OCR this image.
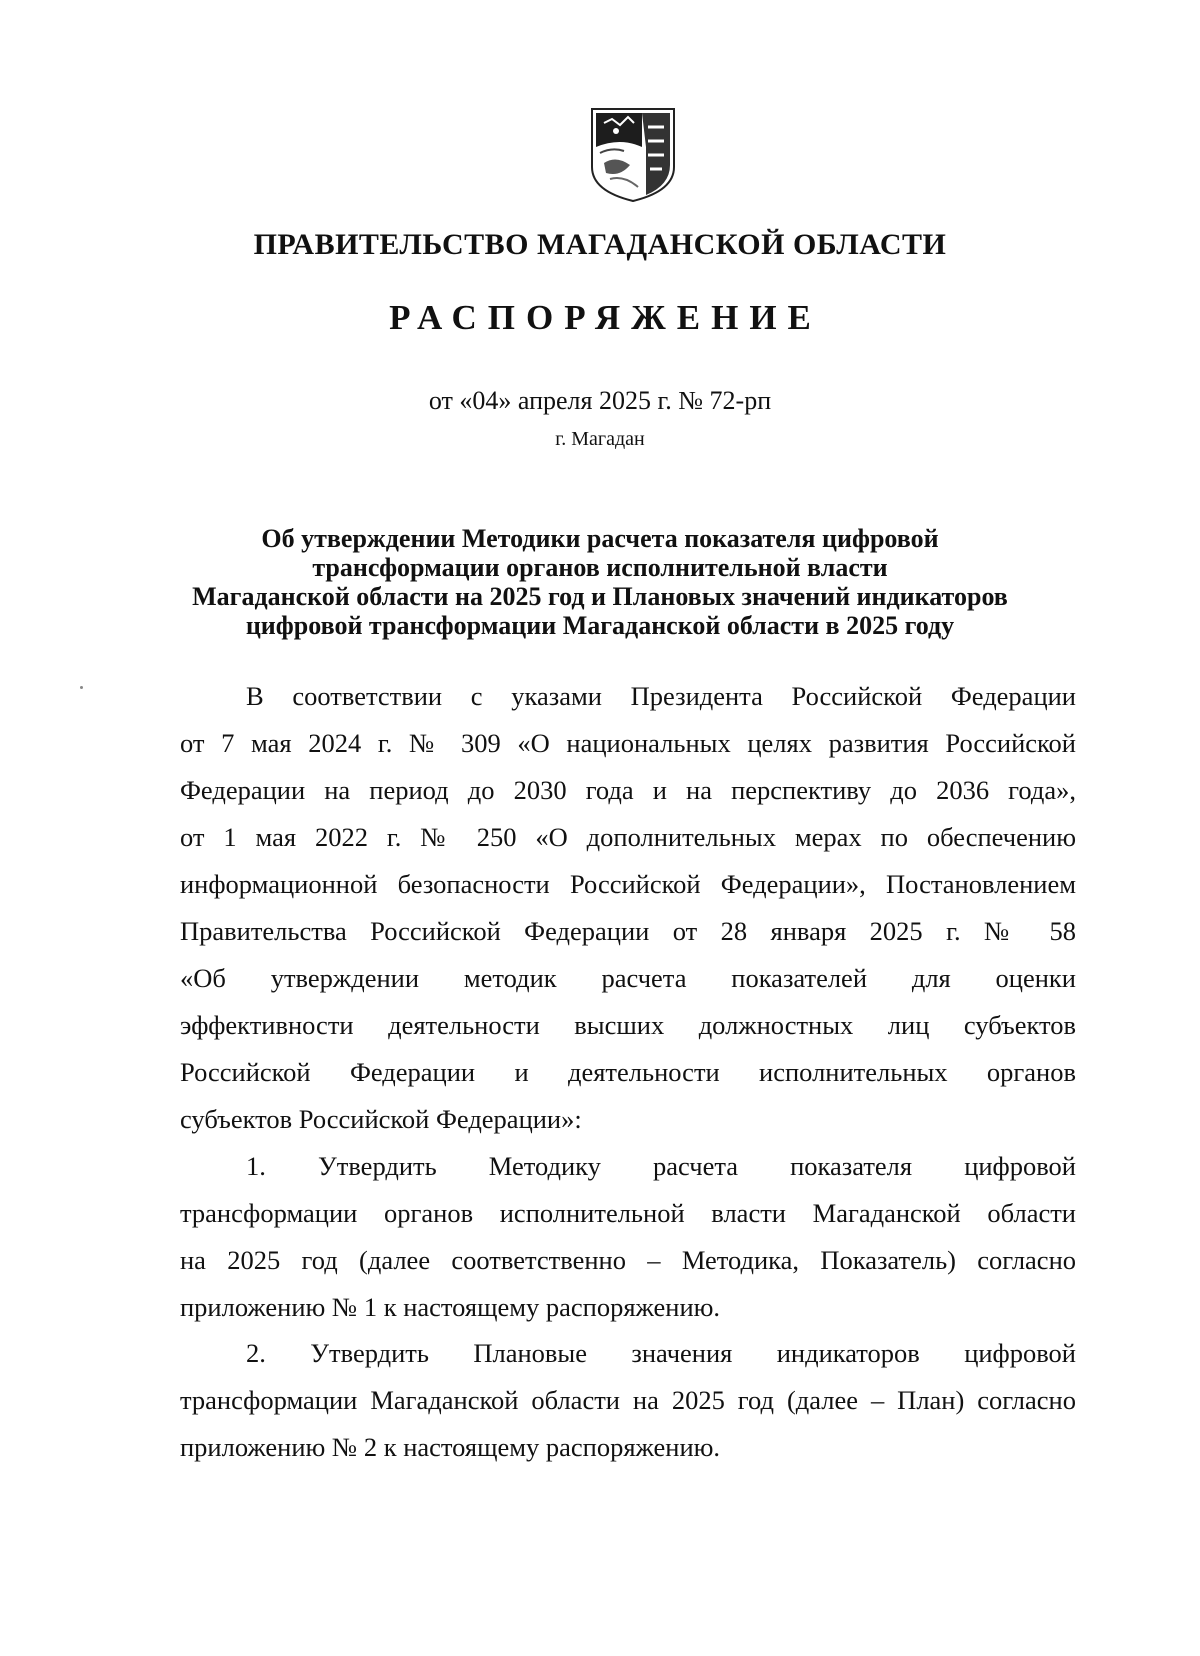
ПРАВИТЕЛЬСТВО МАГАДАНСКОЙ ОБЛАСТИ
РАСПОРЯЖЕНИЕ
от «04» апреля 2025 г. № 72-рп
г. Магадан
Об утверждении Методики расчета показателя цифровой
трансформации органов исполнительной власти
Магаданской области на 2025 год и Плановых значений индикаторов
цифровой трансформации Магаданской области в 2025 году
В соответствии с указами Президента Российской Федерации
от 7 мая 2024 г. № 309 «О национальных целях развития Российской
Федерации на период до 2030 года и на перспективу до 2036 года»,
от 1 мая 2022 г. № 250 «О дополнительных мерах по обеспечению
информационной безопасности Российской Федерации», Постановлением
Правительства Российской Федерации от 28 января 2025 г. № 58
«Об утверждении методик расчета показателей для оценки
эффективности деятельности высших должностных лиц субъектов
Российской Федерации и деятельности исполнительных органов
субъектов Российской Федерации»:
1. Утвердить Методику расчета показателя цифровой
трансформации органов исполнительной власти Магаданской области
на 2025 год (далее соответственно – Методика, Показатель) согласно
приложению № 1 к настоящему распоряжению.
2. Утвердить Плановые значения индикаторов цифровой
трансформации Магаданской области на 2025 год (далее – План) согласно
приложению № 2 к настоящему распоряжению.
